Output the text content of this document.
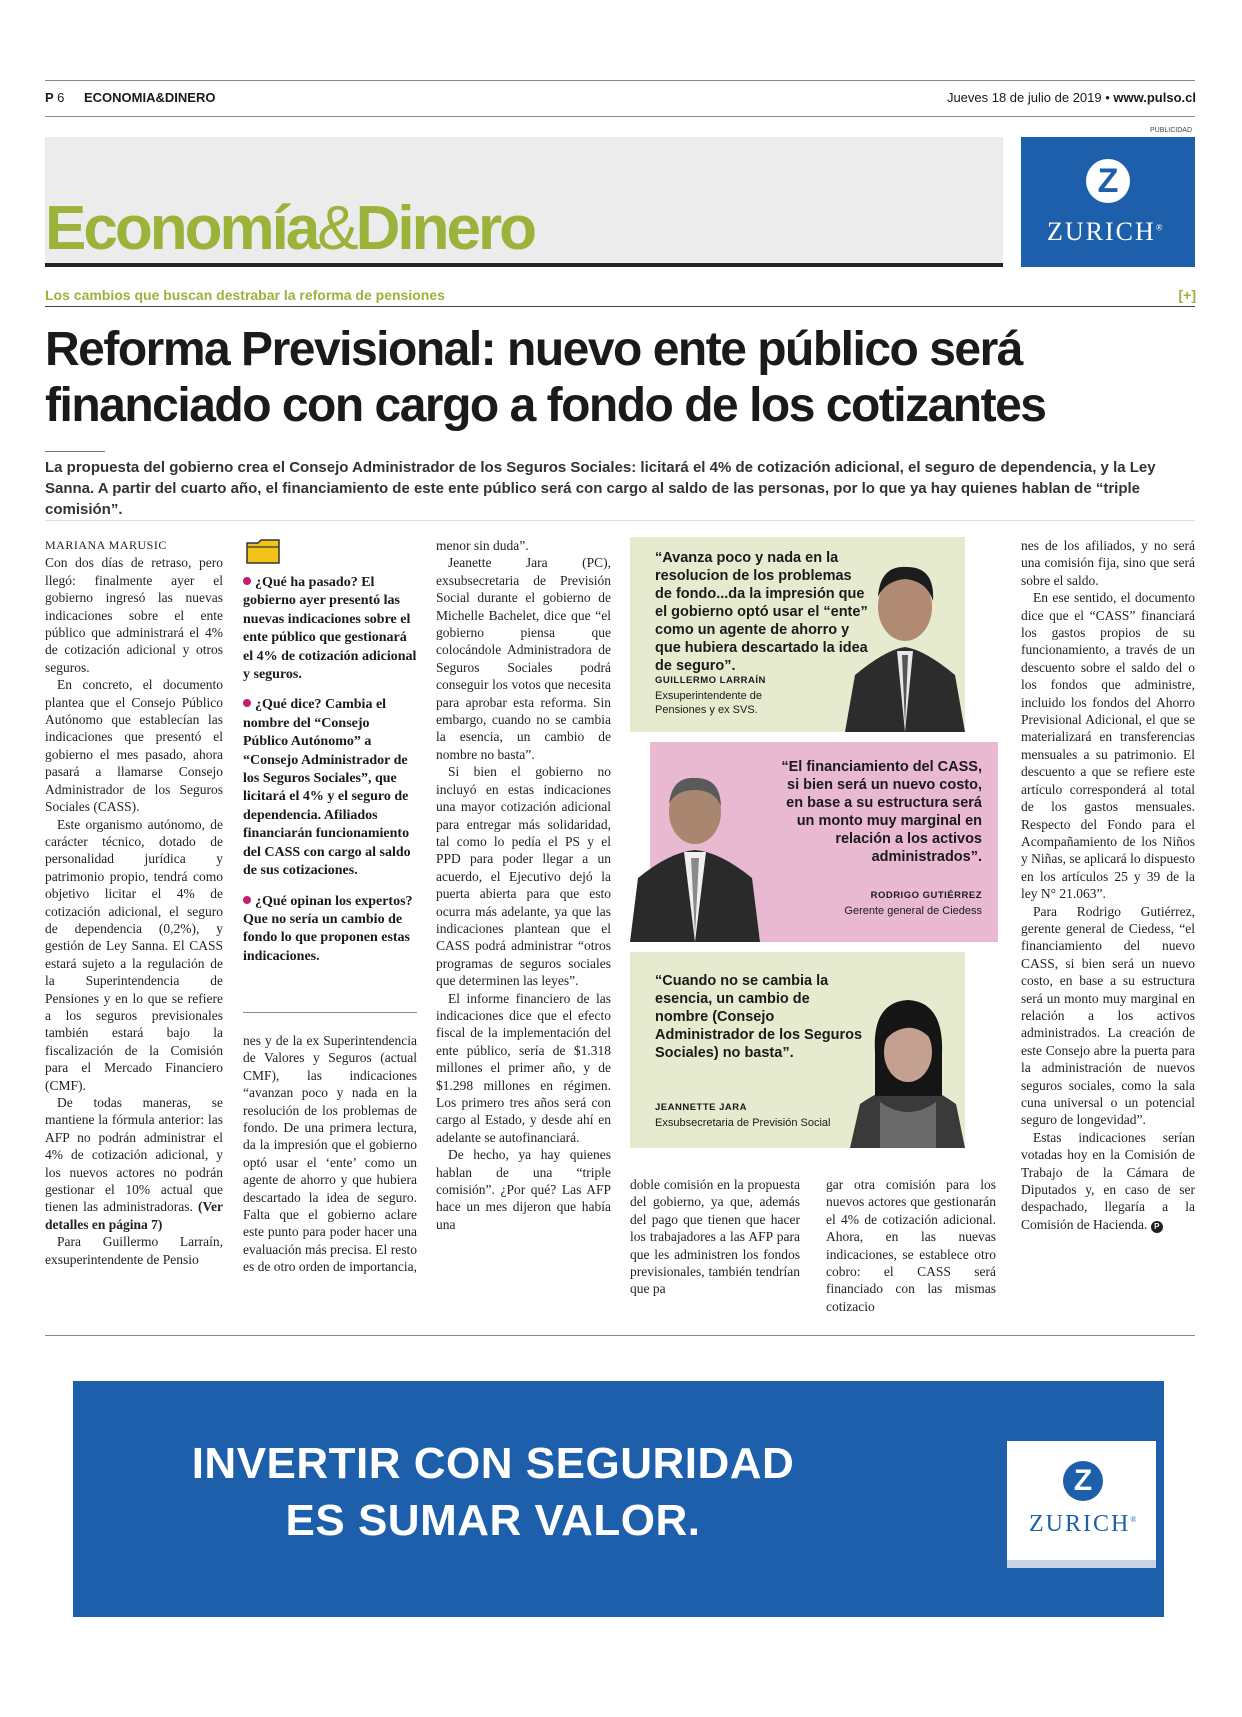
P 6 ECONOMIA&DINERO	Jueves 18 de julio de 2019 • www.pulso.cl
Economía&Dinero
PUBLICIDAD
Z
ZURICH®
Los cambios que buscan destrabar la reforma de pensiones	[+]
Reforma Previsional: nuevo ente público será
financiado con cargo a fondo de los cotizantes
La propuesta del gobierno crea el Consejo Administrador de los Seguros Sociales: licitará el 4% de cotización adicional, el seguro de dependencia, y la Ley Sanna. A partir del cuarto año, el financiamiento de este ente público será con cargo al saldo de las personas, por lo que ya hay quienes hablan de “triple comisión”.

MARIANA MARUSIC

Con dos días de retraso, pero llegó: finalmente ayer el gobierno ingresó las nuevas indicaciones sobre el ente público que administrará el 4% de cotización adicional y otros seguros.

En concreto, el documento plantea que el Consejo Público Autónomo que establecían las indicaciones que presentó el gobierno el mes pasado, ahora pasará a llamarse Consejo Administrador de los Seguros Sociales (CASS).

Este organismo autónomo, de carácter técnico, dotado de personalidad jurídica y patrimonio propio, tendrá como objetivo licitar el 4% de cotización adicional, el seguro de dependencia (0,2%), y gestión de Ley Sanna. El CASS estará sujeto a la regulación de la Superintendencia de Pensiones y en lo que se refiere a los seguros previsionales también estará bajo la fiscalización de la Comisión para el Mercado Financiero (CMF).

De todas maneras, se mantiene la fórmula anterior: las AFP no podrán administrar el 4% de cotización adicional, y los nuevos actores no podrán gestionar el 10% actual que tienen las administradoras. (Ver detalles en página 7)

Para Guillermo Larraín, exsuperintendente de Pensio

¿Qué ha pasado? El gobierno ayer presentó las nuevas indicaciones sobre el ente público que gestionará el 4% de cotización adicional y seguros.
¿Qué dice? Cambia el nombre del “Consejo Público Autónomo” a “Consejo Administrador de los Seguros Sociales”, que licitará el 4% y el seguro de dependencia. Afiliados financiarán funcionamiento del CASS con cargo al saldo de sus cotizaciones.
¿Qué opinan los expertos? Que no sería un cambio de fondo lo que proponen estas indicaciones.

nes y de la ex Superintendencia de Valores y Seguros (actual CMF), las indicaciones “avanzan poco y nada en la resolución de los problemas de fondo. De una primera lectura, da la impresión que el gobierno optó usar el ‘ente’ como un agente de ahorro y que hubiera descartado la idea de seguro. Falta que el gobierno aclare este punto para poder hacer una evaluación más precisa. El resto es de otro orden de importancia,

menor sin duda”.

Jeanette Jara (PC), exsubsecretaria de Previsión Social durante el gobierno de Michelle Bachelet, dice que “el gobierno piensa que colocándole Administradora de Seguros Sociales podrá conseguir los votos que necesita para aprobar esta reforma. Sin embargo, cuando no se cambia la esencia, un cambio de nombre no basta”.

Si bien el gobierno no incluyó en estas indicaciones una mayor cotización adicional para entregar más solidaridad, tal como lo pedía el PS y el PPD para poder llegar a un acuerdo, el Ejecutivo dejó la puerta abierta para que esto ocurra más adelante, ya que las indicaciones plantean que el CASS podrá administrar “otros programas de seguros sociales que determinen las leyes”.

El informe financiero de las indicaciones dice que el efecto fiscal de la implementación del ente público, sería de $1.318 millones el primer año, y de $1.298 millones en régimen. Los primero tres años será con cargo al Estado, y desde ahí en adelante se autofinanciará.

De hecho, ya hay quienes hablan de una “triple comisión”. ¿Por qué? Las AFP hace un mes dijeron que había una

“Avanza poco y nada en la resolucion de los problemas de fondo...da la impresión que el gobierno optó usar el “ente” como un agente de ahorro y que hubiera descartado la idea de seguro”.
GUILLERMO LARRAÍN
Exsuperintendente de Pensiones y ex SVS.
“El financiamiento del CASS, si bien será un nuevo costo, en base a su estructura será un monto muy marginal en relación a los activos administrados”.
RODRIGO GUTIÉRREZ
Gerente general de Ciedess
“Cuando no se cambia la esencia, un cambio de nombre (Consejo Administrador de los Seguros Sociales) no basta”.
JEANNETTE JARA
Exsubsecretaria de Previsión Social

doble comisión en la propuesta del gobierno, ya que, además del pago que tienen que hacer los trabajadores a las AFP para que les administren los fondos previsionales, también tendrían que pa

gar otra comisión para los nuevos actores que gestionarán el 4% de cotización adicional. Ahora, en las nuevas indicaciones, se establece otro cobro: el CASS será financiado con las mismas cotizacio

nes de los afiliados, y no será una comisión fija, sino que será sobre el saldo.

En ese sentido, el documento dice que el “CASS” financiará los gastos propios de su funcionamiento, a través de un descuento sobre el saldo del o los fondos que administre, incluido los fondos del Ahorro Previsional Adicional, el que se materializará en transferencias mensuales a su patrimonio. El descuento a que se refiere este artículo corresponderá al total de los gastos mensuales. Respecto del Fondo para el Acompañamiento de los Niños y Niñas, se aplicará lo dispuesto en los artículos 25 y 39 de la ley N° 21.063”.

Para Rodrigo Gutiérrez, gerente general de Ciedess, “el financiamiento del nuevo CASS, si bien será un nuevo costo, en base a su estructura será un monto muy marginal en relación a los activos administrados. La creación de este Consejo abre la puerta para la administración de nuevos seguros sociales, como la sala cuna universal o un potencial seguro de longevidad”.

Estas indicaciones serían votadas hoy en la Comisión de Trabajo de la Cámara de Diputados y, en caso de ser despachado, llegaría a la Comisión de Hacienda. P

INVERTIR CON SEGURIDAD
ES SUMAR VALOR.
Z
ZURICH®
